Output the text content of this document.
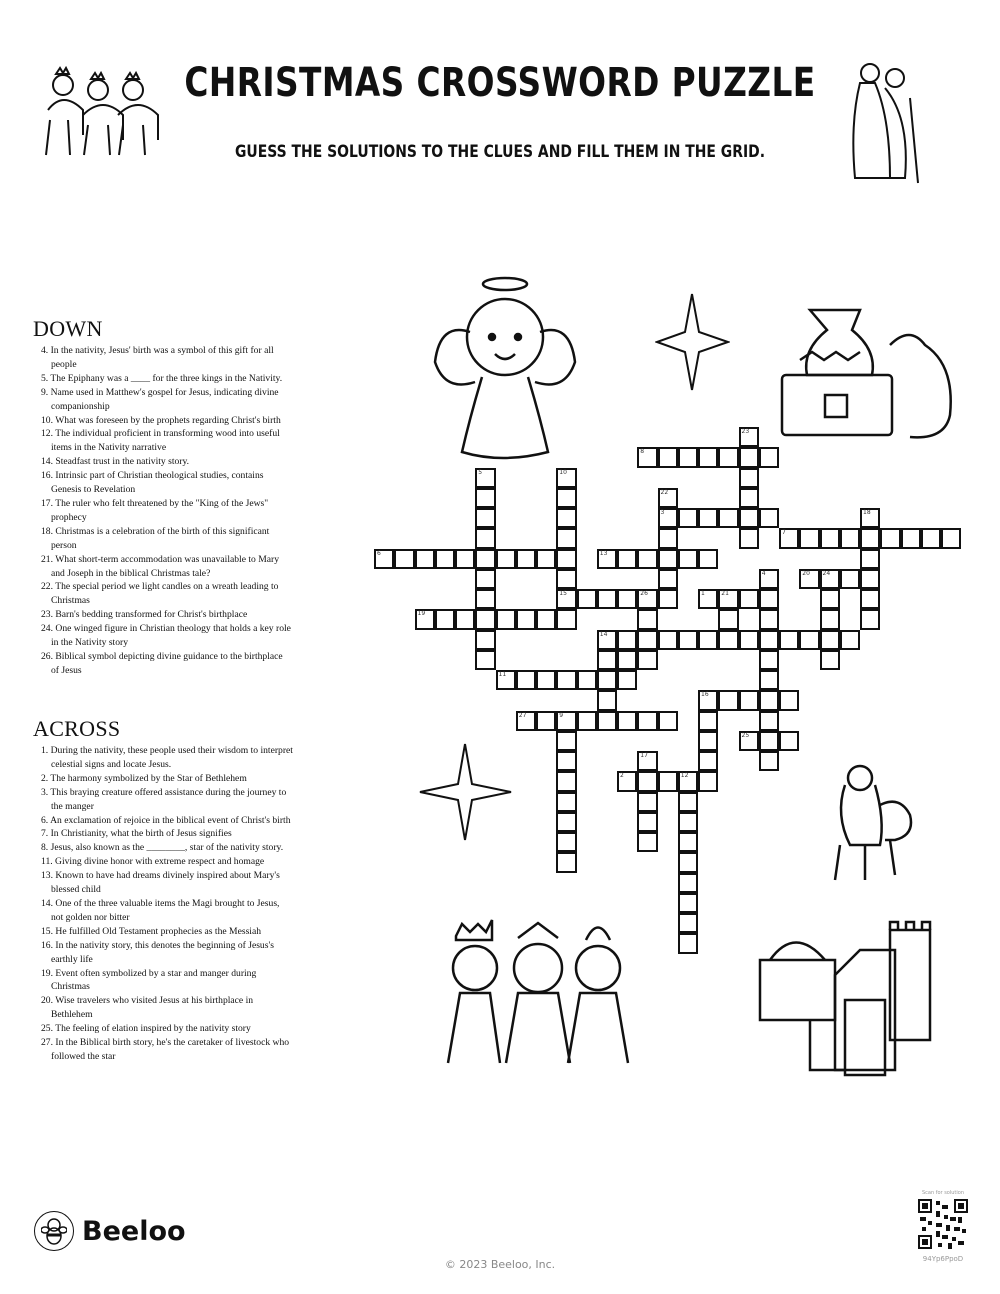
CHRISTMAS CROSSWORD PUZZLE
GUESS THE SOLUTIONS TO THE CLUES AND FILL THEM IN THE GRID.
DOWN
4. In the nativity, Jesus' birth was a symbol of this gift for all people
5. The Epiphany was a ____ for the three kings in the Nativity.
9. Name used in Matthew's gospel for Jesus, indicating divine companionship
10. What was foreseen by the prophets regarding Christ's birth
12. The individual proficient in transforming wood into useful items in the Nativity narrative
14. Steadfast trust in the nativity story.
16. Intrinsic part of Christian theological studies, contains Genesis to Revelation
17. The ruler who felt threatened by the "King of the Jews" prophecy
18. Christmas is a celebration of the birth of this significant person
21. What short-term accommodation was unavailable to Mary and Joseph in the biblical Christmas tale?
22. The special period we light candles on a wreath leading to Christmas
23. Barn's bedding transformed for Christ's birthplace
24. One winged figure in Christian theology that holds a key role in the Nativity story
26. Biblical symbol depicting divine guidance to the birthplace of Jesus
ACROSS
1. During the nativity, these people used their wisdom to interpret celestial signs and locate Jesus.
2. The harmony symbolized by the Star of Bethlehem
3. This braying creature offered assistance during the journey to the manger
6. An exclamation of rejoice in the biblical event of Christ's birth
7. In Christianity, what the birth of Jesus signifies
8. Jesus, also known as the ________, star of the nativity story.
11. Giving divine honor with extreme respect and homage
13. Known to have had dreams divinely inspired about Mary's blessed child
14. One of the three valuable items the Magi brought to Jesus, not golden nor bitter
15. He fulfilled Old Testament prophecies as the Messiah
16. In the nativity story, this denotes the beginning of Jesus's earthly life
19. Event often symbolized by a star and manger during Christmas
20. Wise travelers who visited Jesus at his birthplace in Bethlehem
25. The feeling of elation inspired by the nativity story
27. In the Biblical birth story, he's the caretaker of livestock who followed the star
23
8
5	10
15
22
3	18
7
6	13
4	20 24
26	1	21
19
14
11
16
27	9
25
17
2	12
Beeloo
© 2023 Beeloo, Inc.
Scan for solution
94Yp6PpoD
